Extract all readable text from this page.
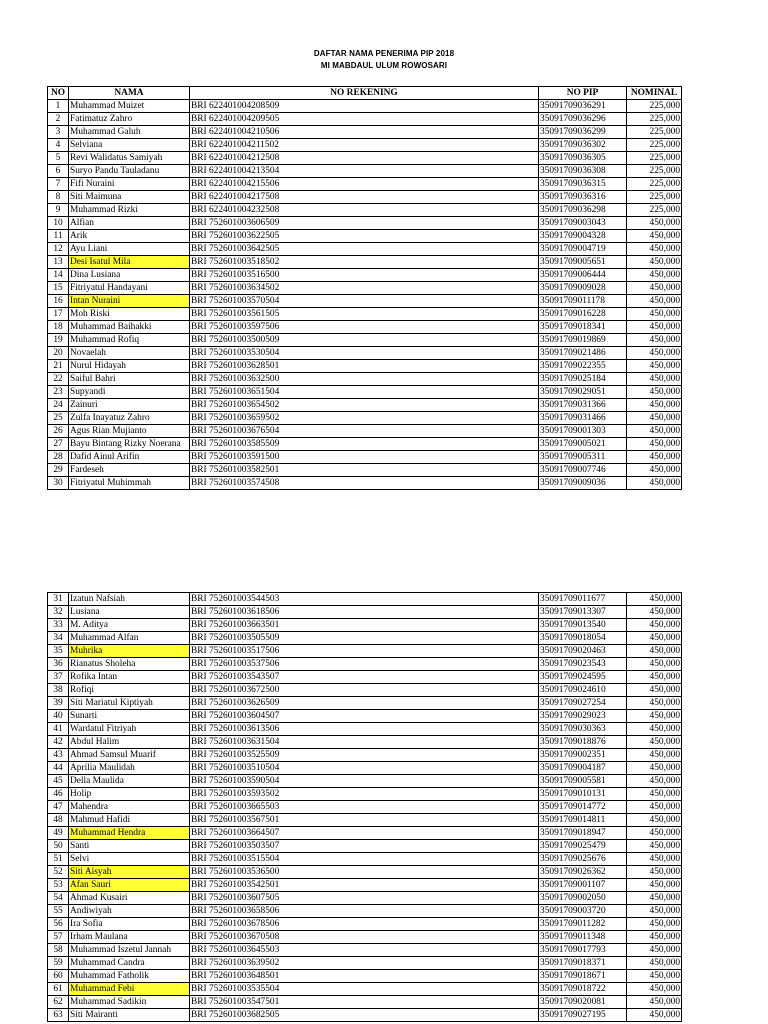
DAFTAR NAMA PENERIMA PIP 2018
MI MABDAUL ULUM ROWOSARI
NO	NAMA	NO REKENING	NO PIP	NOMINAL
1	Muhammad Muizet	BRI 622401004208509	35091709036291	225,000
2	Fatimatuz Zahro	BRI 622401004209505	35091709036296	225,000
3	Muhammad Galuh	BRI 622401004210506	35091709036299	225,000
4	Selviana	BRI 622401004211502	35091709036302	225,000
5	Revi Walidatus Samiyah	BRI 622401004212508	35091709036305	225,000
6	Suryo Pandu Tauladanu	BRI 622401004213504	35091709036308	225,000
7	Fifi Nuraini	BRI 622401004215506	35091709036315	225,000
8	Siti Maimuna	BRI 622401004217508	35091709036316	225,000
9	Muhammad Rizki	BRI 622401004232508	35091709036298	225,000
10	Alfian	BRI 752601003606509	35091709003043	450,000
11	Arik	BRI 752601003622505	35091709004328	450,000
12	Ayu Liani	BRI 752601003642505	35091709004719	450,000
13	Desi Isatul Mila	BRI 752601003518502	35091709005651	450,000
14	Dina Lusiana	BRI 752601003516500	35091709006444	450,000
15	Fitriyatul Handayani	BRI 752601003634502	35091709009028	450,000
16	Intan Nuraini	BRI 752601003570504	35091709011178	450,000
17	Moh Riski	BRI 752601003561505	35091709016228	450,000
18	Muhammad Baihakki	BRI 752601003597506	35091709018341	450,000
19	Muhammad Rofiq	BRI 752601003500509	35091709019869	450,000
20	Novaelah	BRI 752601003530504	35091709021486	450,000
21	Nurul Hidayah	BRI 752601003628501	35091709022355	450,000
22	Saiful Bahri	BRI 752601003632500	35091709025184	450,000
23	Supyandi	BRI 752601003651504	35091709029051	450,000
24	Zainuri	BRI 752601003654502	35091709031366	450,000
25	Zulfa Inayatuz Zahro	BRI 752601003659502	35091709031466	450,000
26	Agus Rian Mujianto	BRI 752601003676504	35091709001303	450,000
27	Bayu Bintang Rizky Noerana	BRI 752601003585509	35091709005021	450,000
28	Dafid Ainul Arifin	BRI 752601003591500	35091709005311	450,000
29	Fardeseh	BRI 752601003582501	35091709007746	450,000
30	Fitriyatul Muhimmah	BRI 752601003574508	35091709009036	450,000
31	Izatun Nafsiah	BRI 752601003544503	35091709011677	450,000
32	Lusiana	BRI 752601003618506	35091709013307	450,000
33	M. Aditya	BRI 752601003663501	35091709013540	450,000
34	Muhammad Alfan	BRI 752601003505509	35091709018054	450,000
35	Muhrika	BRI 752601003517506	35091709020463	450,000
36	Rianatus Sholeha	BRI 752601003537506	35091709023543	450,000
37	Rofika Intan	BRI 752601003543507	35091709024595	450,000
38	Rofiqi	BRI 752601003672500	35091709024610	450,000
39	Siti Mariatul Kiptiyah	BRI 752601003626509	35091709027254	450,000
40	Sunarti	BRI 752601003604507	35091709029023	450,000
41	Wardatul Fitriyah	BRI 752601003613506	35091709030363	450,000
42	Abdul Halim	BRI 752601003631504	35091709018876	450,000
43	Ahmad Samsul Muarif	BRI 752601003525509	35091709002351	450,000
44	Aprilia Maulidah	BRI 752601003510504	35091709004187	450,000
45	Della Maulida	BRI 752601003590504	35091709005581	450,000
46	Holip	BRI 752601003593502	35091709010131	450,000
47	Mahendra	BRI 752601003665503	35091709014772	450,000
48	Mahmud Hafidi	BRI 752601003567501	35091709014811	450,000
49	Muhammad Hendra	BRI 752601003664507	35091709018947	450,000
50	Santi	BRI 752601003503507	35091709025479	450,000
51	Selvi	BRI 752601003515504	35091709025676	450,000
52	Siti Aisyah	BRI 752601003536500	35091709026362	450,000
53	Afan Sauri	BRI 752601003542501	35091709001107	450,000
54	Ahmad Kusairi	BRI 752601003607505	35091709002050	450,000
55	Andiwiyah	BRI 752601003658506	35091709003720	450,000
56	Ira Sofia	BRI 752601003678506	35091709011282	450,000
57	Irham Maulana	BRI 752601003670508	35091709011348	450,000
58	Muhammad Iszetul Jannah	BRI 752601003645503	35091709017793	450,000
59	Muhammad Candra	BRI 752601003639502	35091709018371	450,000
60	Muhammad Fatholik	BRI 752601003648501	35091709018671	450,000
61	Muhammad Febi	BRI 752601003535504	35091709018722	450,000
62	Muhammad Sadikin	BRI 752601003547501	35091709020081	450,000
63	Siti Mairanti	BRI 752601003682505	35091709027195	450,000
